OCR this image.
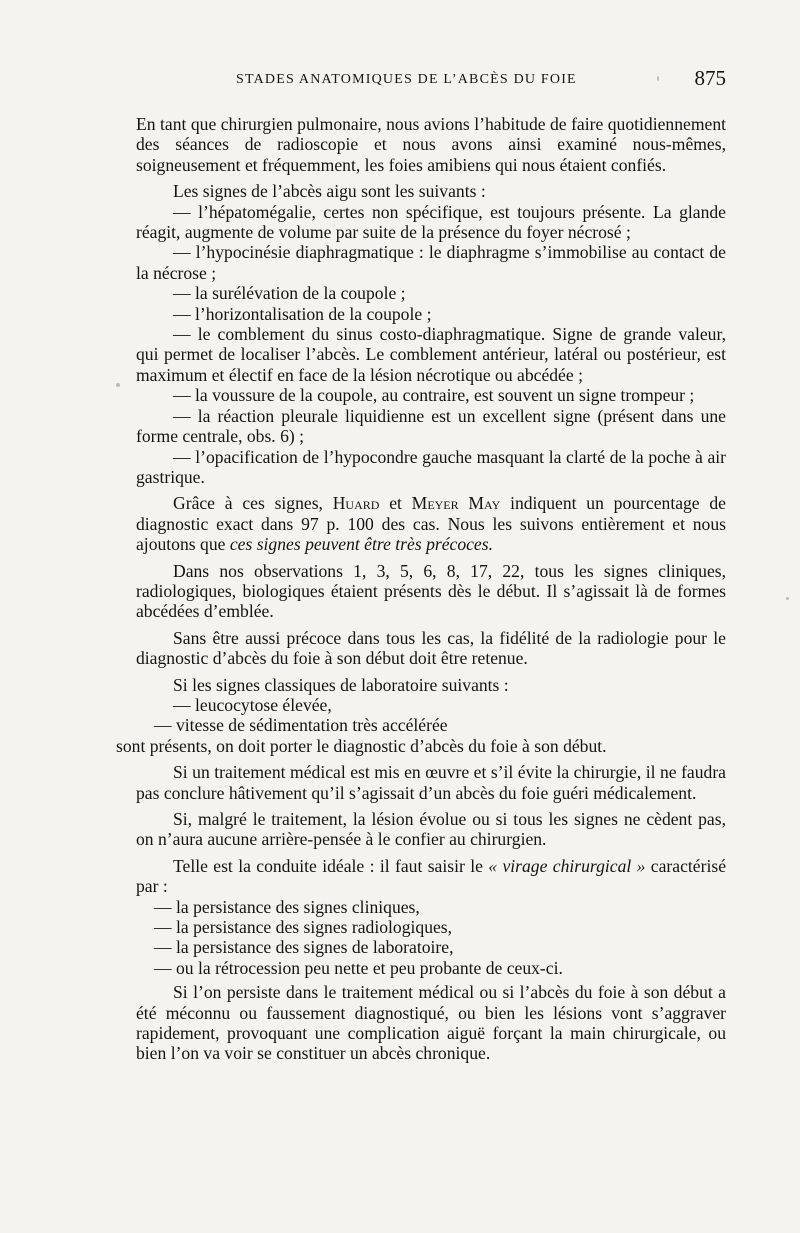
STADES ANATOMIQUES DE L’ABCÈS DU FOIE	875

En tant que chirurgien pulmonaire, nous avions l’habitude de faire quotidiennement des séances de radioscopie et nous avons ainsi examiné nous-mêmes, soigneusement et fréquemment, les foies amibiens qui nous étaient confiés.

Les signes de l’abcès aigu sont les suivants :

— l’hépatomégalie, certes non spécifique, est toujours présente. La glande réagit, augmente de volume par suite de la présence du foyer nécrosé ;

— l’hypocinésie diaphragmatique : le diaphragme s’immobilise au contact de la nécrose ;

— la surélévation de la coupole ;

— l’horizontalisation de la coupole ;

— le comblement du sinus costo-diaphragmatique. Signe de grande valeur, qui permet de localiser l’abcès. Le comblement antérieur, latéral ou postérieur, est maximum et électif en face de la lésion nécrotique ou abcédée ;

— la voussure de la coupole, au contraire, est souvent un signe trompeur ;

— la réaction pleurale liquidienne est un excellent signe (présent dans une forme centrale, obs. 6) ;

— l’opacification de l’hypocondre gauche masquant la clarté de la poche à air gastrique.

Grâce à ces signes, Huard et Meyer May indiquent un pourcentage de diagnostic exact dans 97 p. 100 des cas. Nous les suivons entièrement et nous ajoutons que ces signes peuvent être très précoces.

Dans nos observations 1, 3, 5, 6, 8, 17, 22, tous les signes cliniques, radiologiques, biologiques étaient présents dès le début. Il s’agissait là de formes abcédées d’emblée.

Sans être aussi précoce dans tous les cas, la fidélité de la radiologie pour le diagnostic d’abcès du foie à son début doit être retenue.

Si les signes classiques de laboratoire suivants :

— leucocytose élevée,

— vitesse de sédimentation très accélérée

sont présents, on doit porter le diagnostic d’abcès du foie à son début.

Si un traitement médical est mis en œuvre et s’il évite la chirurgie, il ne faudra pas conclure hâtivement qu’il s’agissait d’un abcès du foie guéri médicalement.

Si, malgré le traitement, la lésion évolue ou si tous les signes ne cèdent pas, on n’aura aucune arrière-pensée à le confier au chirurgien.

Telle est la conduite idéale : il faut saisir le « virage chirurgical » caractérisé par :

— la persistance des signes cliniques,

— la persistance des signes radiologiques,

— la persistance des signes de laboratoire,

— ou la rétrocession peu nette et peu probante de ceux-ci.

Si l’on persiste dans le traitement médical ou si l’abcès du foie à son début a été méconnu ou faussement diagnostiqué, ou bien les lésions vont s’aggraver rapidement, provoquant une complication aiguë forçant la main chirurgicale, ou bien l’on va voir se constituer un abcès chronique.
